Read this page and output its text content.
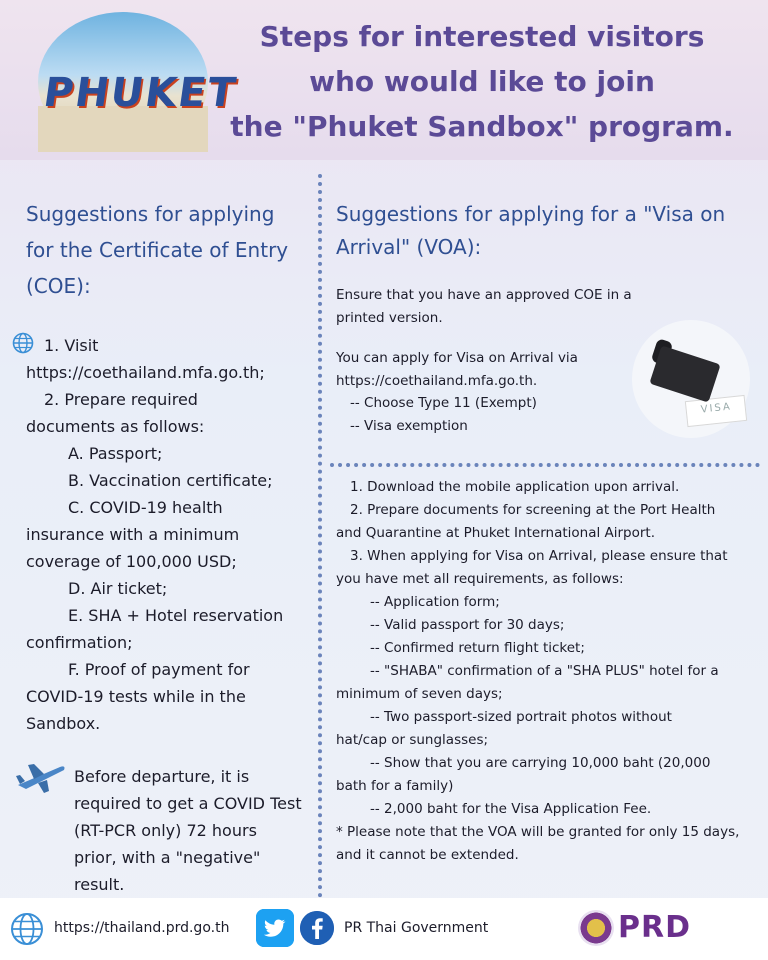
PHUKET
Steps for interested visitors
who would like to join
the "Phuket Sandbox" program.
Suggestions for applying for the Certificate of Entry (COE):
1. Visit
https://coethailand.mfa.go.th;
2. Prepare required
documents as follows:
A. Passport;
B. Vaccination certificate;
C. COVID-19 health
insurance with a minimum coverage of 100,000 USD;
D. Air ticket;
E. SHA + Hotel reservation
confirmation;
F. Proof of payment for
COVID-19 tests while in the Sandbox.
Before departure, it is required to get a COVID Test (RT-PCR only) 72 hours prior, with a "negative" result.
Suggestions for applying for a "Visa on Arrival" (VOA):
Ensure that you have an approved COE in a printed version.
You can apply for Visa on Arrival via https://coethailand.mfa.go.th.
-- Choose Type 11 (Exempt)
-- Visa exemption
VISA
1. Download the mobile application upon arrival.
2. Prepare documents for screening at the Port Health
and Quarantine at Phuket International Airport.
3. When applying for Visa on Arrival, please ensure that
you have met all requirements, as follows:
-- Application form;
-- Valid passport for 30 days;
-- Confirmed return flight ticket;
-- "SHABA" confirmation of a "SHA PLUS" hotel for a
minimum of seven days;
-- Two passport-sized portrait photos without
hat/cap or sunglasses;
-- Show that you are carrying 10,000 baht (20,000
bath for a family)
-- 2,000 baht for the Visa Application Fee.
* Please note that the VOA will be granted for only 15 days, and it cannot be extended.
https://thailand.prd.go.th	PR Thai Government	PRD
